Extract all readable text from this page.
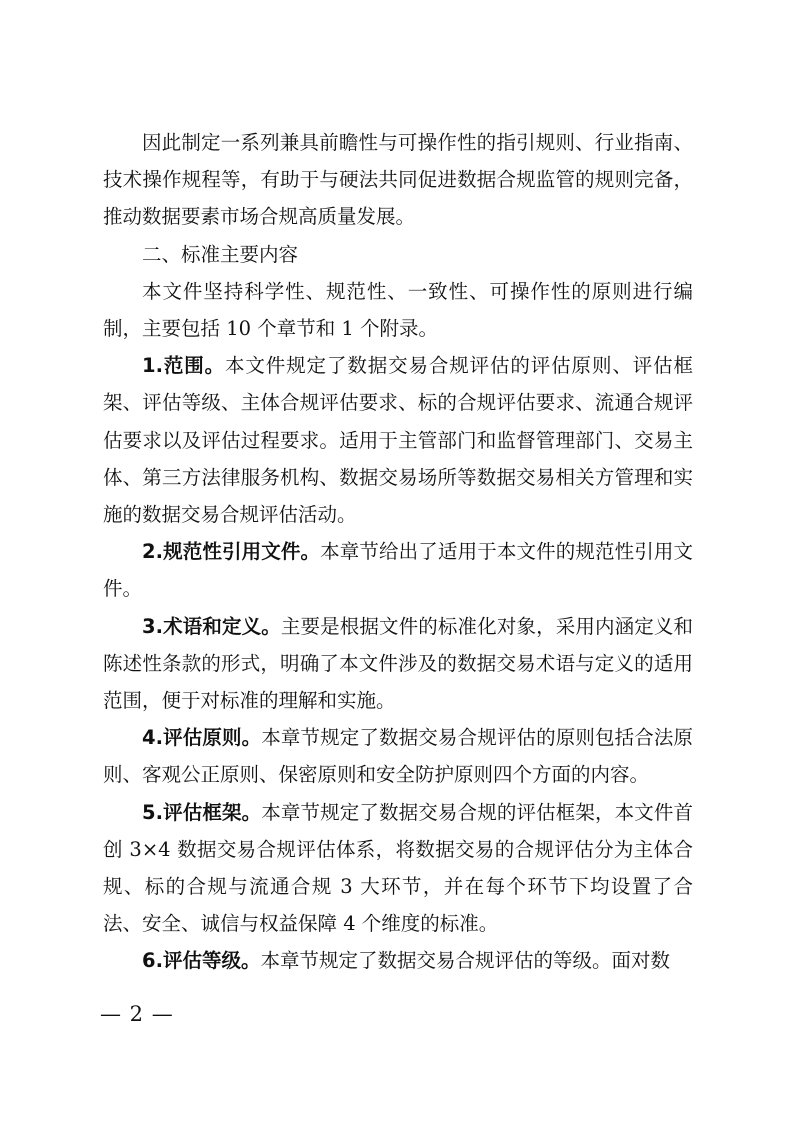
因此制定一系列兼具前瞻性与可操作性的指引规则、行业指南、技术操作规程等，有助于与硬法共同促进数据合规监管的规则完备，推动数据要素市场合规高质量发展。

二、标准主要内容

本文件坚持科学性、规范性、一致性、可操作性的原则进行编制，主要包括 10 个章节和 1 个附录。

1.范围。本文件规定了数据交易合规评估的评估原则、评估框架、评估等级、主体合规评估要求、标的合规评估要求、流通合规评估要求以及评估过程要求。适用于主管部门和监督管理部门、交易主体、第三方法律服务机构、数据交易场所等数据交易相关方管理和实施的数据交易合规评估活动。

2.规范性引用文件。本章节给出了适用于本文件的规范性引用文件。

3.术语和定义。主要是根据文件的标准化对象，采用内涵定义和陈述性条款的形式，明确了本文件涉及的数据交易术语与定义的适用范围，便于对标准的理解和实施。

4.评估原则。本章节规定了数据交易合规评估的原则包括合法原则、客观公正原则、保密原则和安全防护原则四个方面的内容。

5.评估框架。本章节规定了数据交易合规的评估框架，本文件首创 3×4 数据交易合规评估体系，将数据交易的合规评估分为主体合规、标的合规与流通合规 3 大环节，并在每个环节下均设置了合法、安全、诚信与权益保障 4 个维度的标准。

6.评估等级。本章节规定了数据交易合规评估的等级。面对数

— 2 —
